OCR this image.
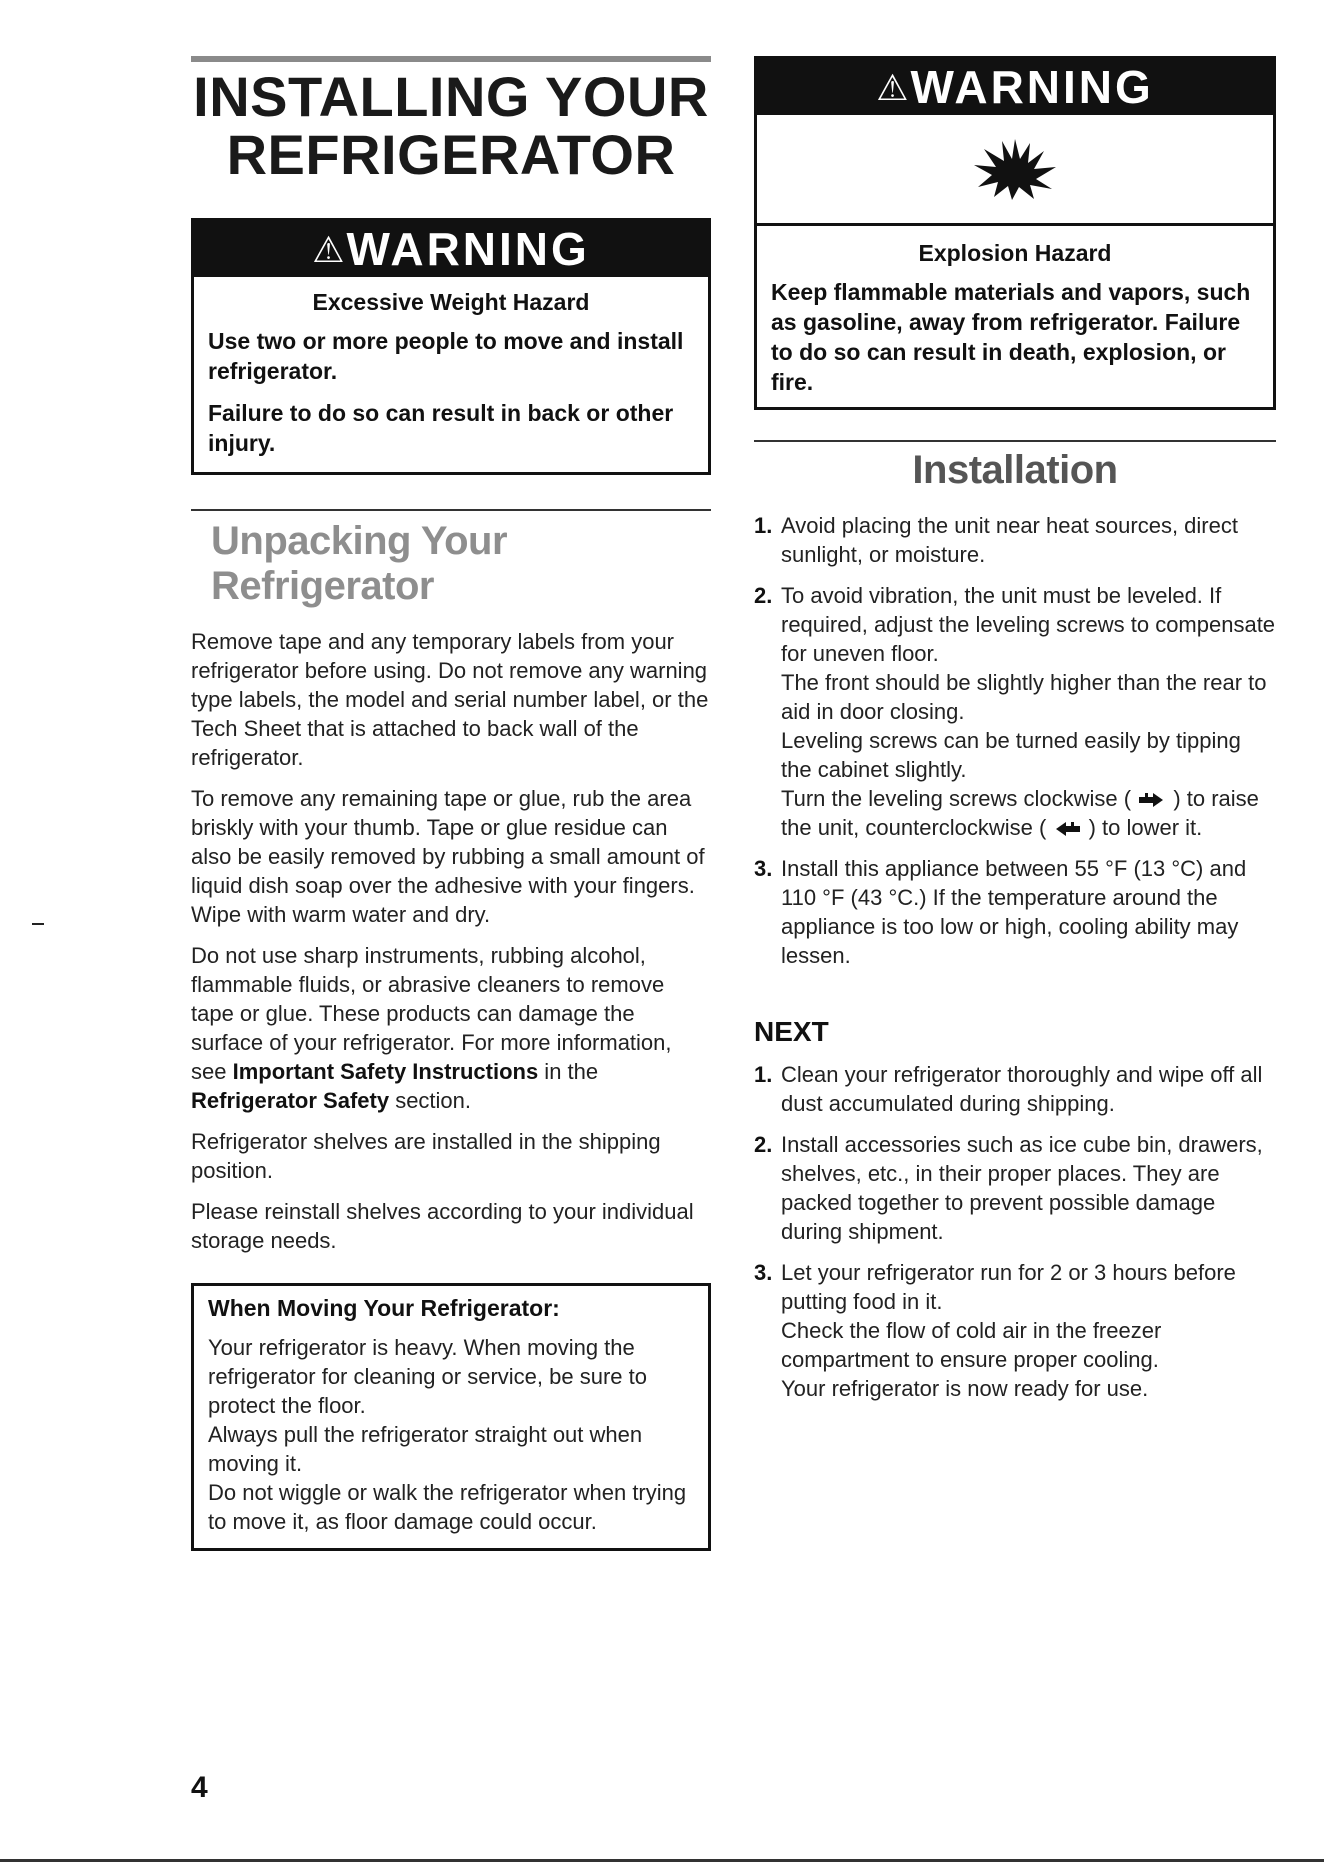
INSTALLING YOUR
REFRIGERATOR
⚠WARNING
Excessive Weight Hazard

Use two or more people to move and install refrigerator.

Failure to do so can result in back or other injury.

Unpacking Your Refrigerator

Remove tape and any temporary labels from your refrigerator before using. Do not remove any warning type labels, the model and serial number label, or the Tech Sheet that is attached to back wall of the refrigerator.

To remove any remaining tape or glue, rub the area briskly with your thumb. Tape or glue residue can also be easily removed by rubbing a small amount of liquid dish soap over the adhesive with your fingers. Wipe with warm water and dry.

Do not use sharp instruments, rubbing alcohol, flammable fluids, or abrasive cleaners to remove tape or glue. These products can damage the surface of your refrigerator. For more information, see Important Safety Instructions in the Refrigerator Safety section.

Refrigerator shelves are installed in the shipping position.

Please reinstall shelves according to your individual storage needs.

When Moving Your Refrigerator:
Your refrigerator is heavy. When moving the refrigerator for cleaning or service, be sure to protect the floor.
Always pull the refrigerator straight out when moving it.
Do not wiggle or walk the refrigerator when trying to move it, as floor damage could occur.
⚠WARNING
Explosion Hazard

Keep flammable materials and vapors, such as gasoline, away from refrigerator. Failure to do so can result in death, explosion, or fire.

Installation
1. Avoid placing the unit near heat sources, direct sunlight, or moisture.
2. To avoid vibration, the unit must be leveled. If required, adjust the leveling screws to compensate for uneven floor.

The front should be slightly higher than the rear to aid in door closing.

Leveling screws can be turned easily by tipping the cabinet slightly.

Turn the leveling screws clockwise (  ) to raise the unit, counterclockwise (  ) to lower it.

3. Install this appliance between 55 °F (13 °C) and 110 °F (43 °C.) If the temperature around the appliance is too low or high, cooling ability may lessen.
NEXT
1. Clean your refrigerator thoroughly and wipe off all dust accumulated during shipping.
2. Install accessories such as ice cube bin, drawers, shelves, etc., in their proper places. They are packed together to prevent possible damage during shipment.
3. Let your refrigerator run for 2 or 3 hours before putting food in it.

Check the flow of cold air in the freezer compartment to ensure proper cooling.

Your refrigerator is now ready for use.

4
